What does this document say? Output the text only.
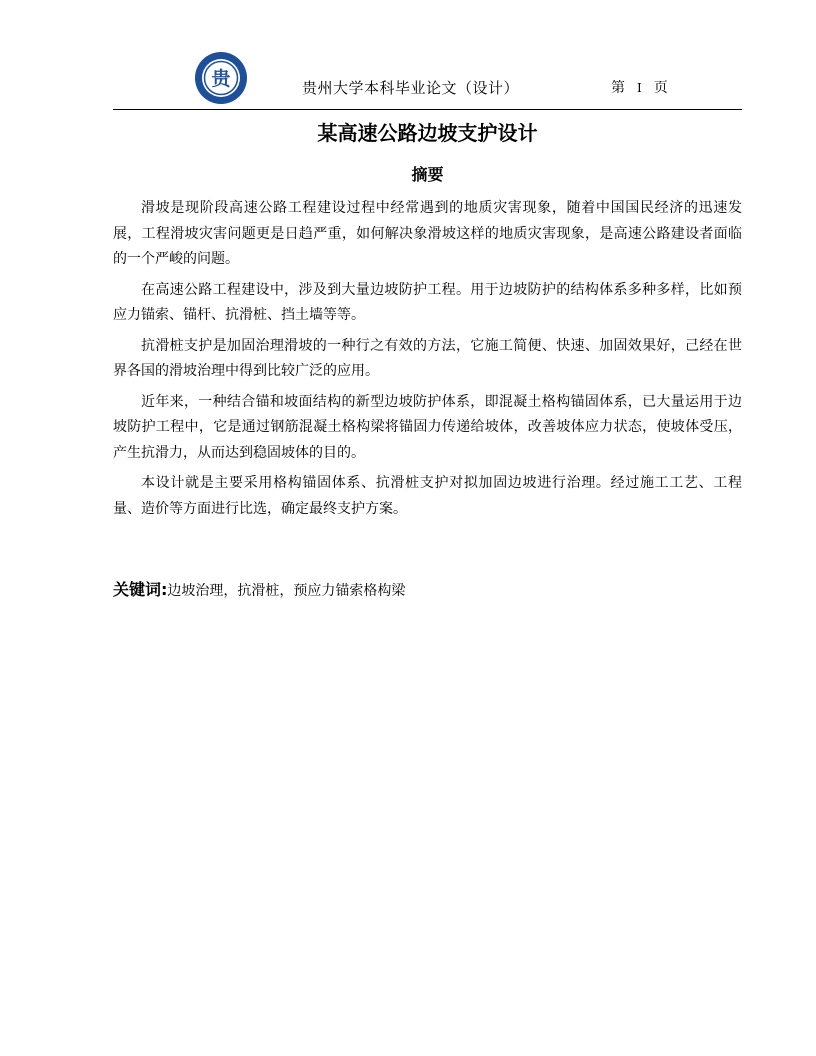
贵	贵州大学本科毕业论文（设计）	第 I 页
某高速公路边坡支护设计
摘要

滑坡是现阶段高速公路工程建设过程中经常遇到的地质灾害现象，随着中国国民经济的迅速发展，工程滑坡灾害问题更是日趋严重，如何解决象滑坡这样的地质灾害现象，是高速公路建设者面临的一个严峻的问题。

在高速公路工程建设中，涉及到大量边坡防护工程。用于边坡防护的结构体系多种多样，比如预应力锚索、锚杆、抗滑桩、挡土墙等等。

抗滑桩支护是加固治理滑坡的一种行之有效的方法，它施工简便、快速、加固效果好，己经在世界各国的滑坡治理中得到比较广泛的应用。

近年来，一种结合锚和坡面结构的新型边坡防护体系，即混凝土格构锚固体系，已大量运用于边坡防护工程中，它是通过钢筋混凝土格构梁将锚固力传递给坡体，改善坡体应力状态，使坡体受压，产生抗滑力，从而达到稳固坡体的目的。

本设计就是主要采用格构锚固体系、抗滑桩支护对拟加固边坡进行治理。经过施工工艺、工程量、造价等方面进行比选，确定最终支护方案。

关键词:边坡治理，抗滑桩，预应力锚索格构梁
